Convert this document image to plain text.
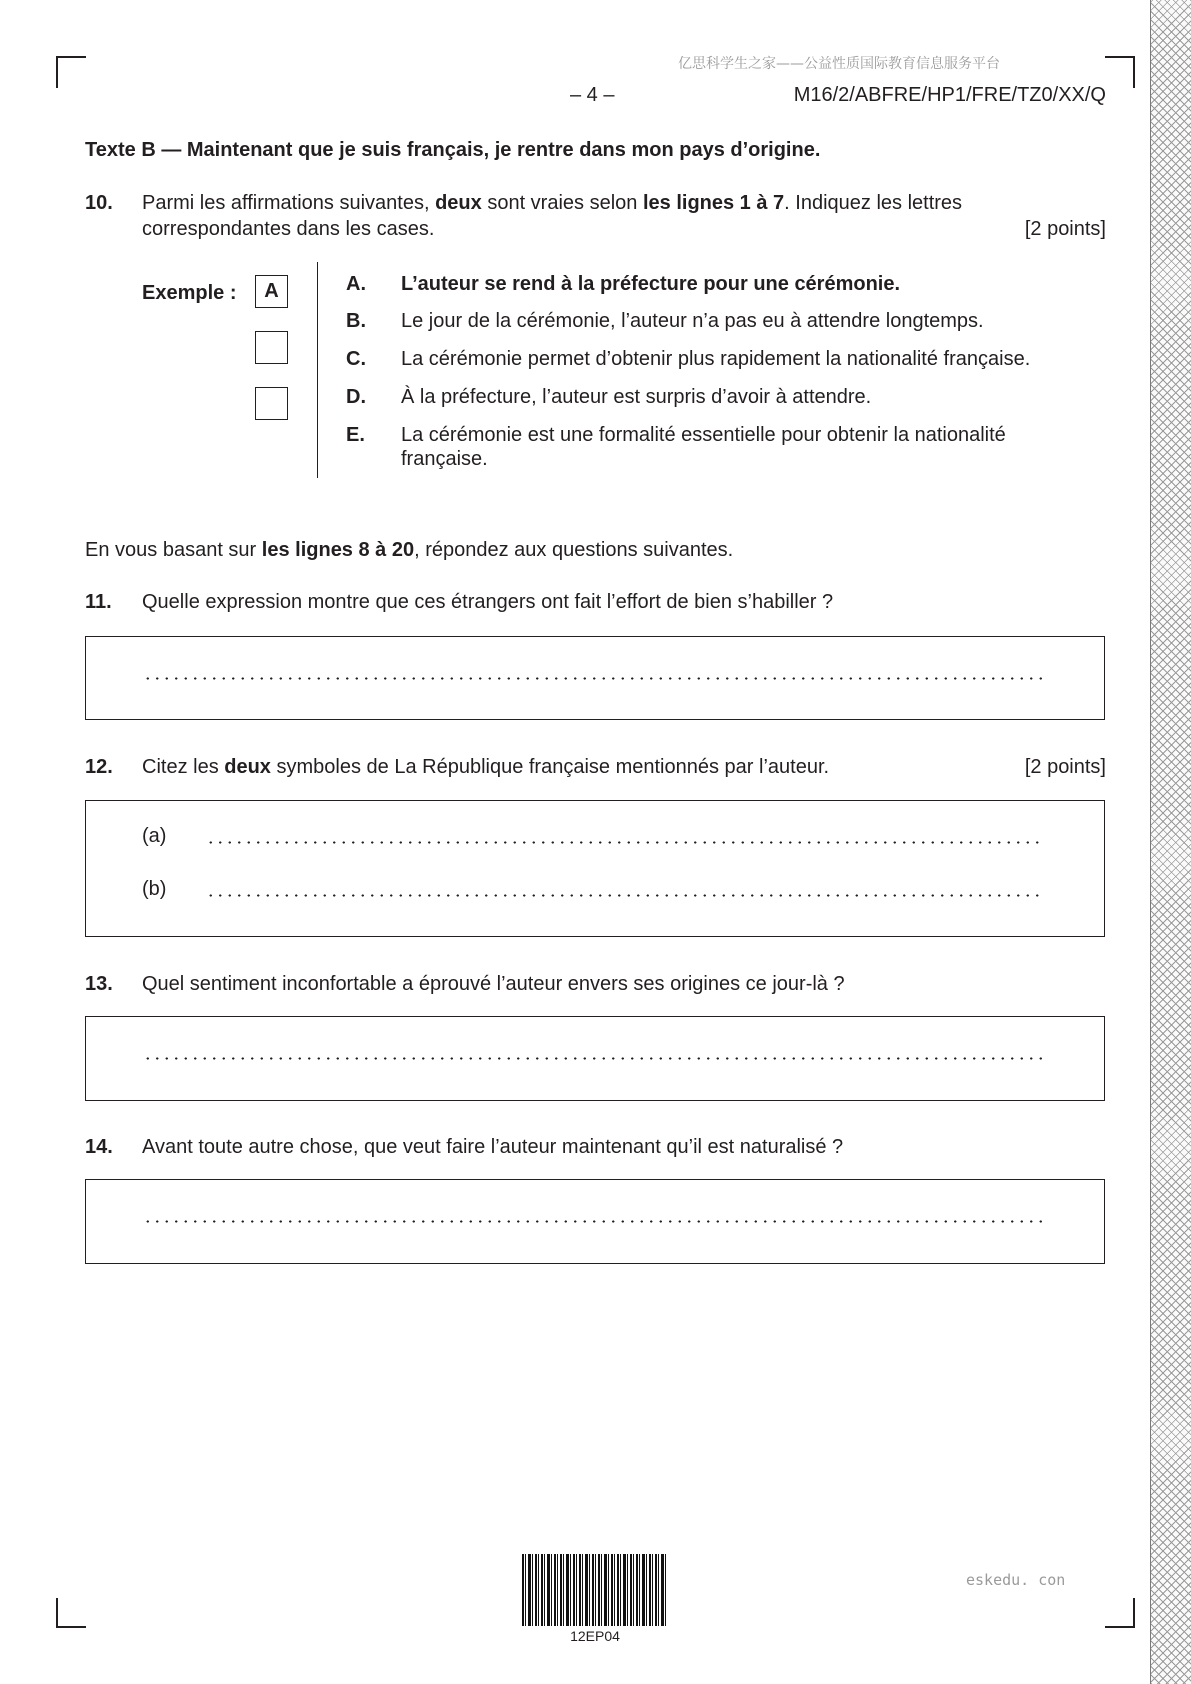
亿思科学生之家——公益性质国际教育信息服务平台
– 4 –	M16/2/ABFRE/HP1/FRE/TZ0/XX/Q
Texte B — Maintenant que je suis français, je rentre dans mon pays d’origine.
10. Parmi les affirmations suivantes, deux sont vraies selon les lignes 1 à 7. Indiquez les lettres
correspondantes dans les cases.	[2 points]
Exemple :	A	A. L’auteur se rend à la préfecture pour une cérémonie.
B. Le jour de la cérémonie, l’auteur n’a pas eu à attendre longtemps.
C. La cérémonie permet d’obtenir plus rapidement la nationalité française.
D. À la préfecture, l’auteur est surpris d’avoir à attendre.
E. La cérémonie est une formalité essentielle pour obtenir la nationalité française.
En vous basant sur les lignes 8 à 20, répondez aux questions suivantes.
11. Quelle expression montre que ces étrangers ont fait l’effort de bien s’habiller ?
12. Citez les deux symboles de La République française mentionnés par l’auteur.	[2 points]
(a)
(b)
13. Quel sentiment inconfortable a éprouvé l’auteur envers ses origines ce jour-là ?
14. Avant toute autre chose, que veut faire l’auteur maintenant qu’il est naturalisé ?
12EP04
eskedu. con
